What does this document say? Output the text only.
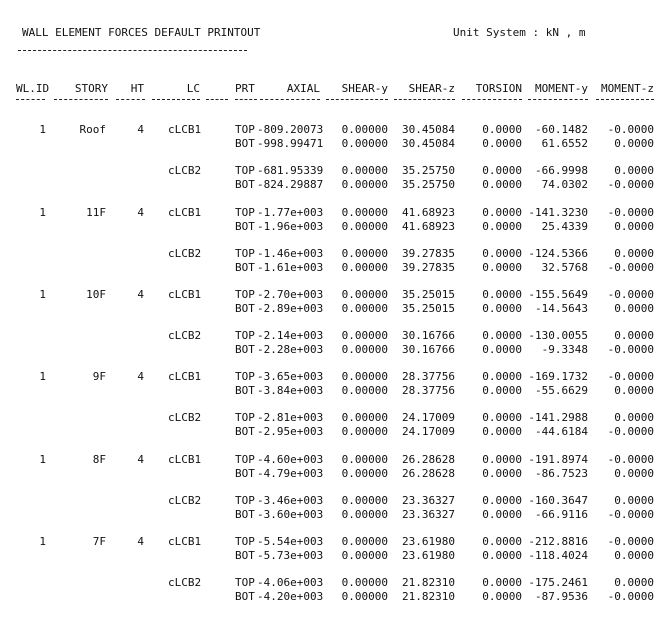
WALL ELEMENT FORCES DEFAULT PRINTOUT	Unit System : kN , m
WL.ID	STORY	HT	LC	PRT	AXIAL	SHEAR-y	SHEAR-z	TORSION	MOMENT-y	MOMENT-z
1	Roof	4 cLCB1	TOP -809.20073	0.00000	30.45084	0.0000	-60.1482	-0.0000
BOT -998.99471	0.00000	30.45084	0.0000	61.6552	0.0000
cLCB2	TOP -681.95339	0.00000	35.25750	0.0000	-66.9998	0.0000
BOT -824.29887	0.00000	35.25750	0.0000	74.0302	-0.0000
1	11F	4 cLCB1	TOP -1.77e+003	0.00000	41.68923	0.0000 -141.3230	-0.0000
BOT -1.96e+003	0.00000	41.68923	0.0000	25.4339	0.0000
cLCB2	TOP -1.46e+003	0.00000	39.27835	0.0000 -124.5366	0.0000
BOT -1.61e+003	0.00000	39.27835	0.0000	32.5768	-0.0000
1	10F	4 cLCB1	TOP -2.70e+003	0.00000	35.25015	0.0000 -155.5649	-0.0000
BOT -2.89e+003	0.00000	35.25015	0.0000	-14.5643	0.0000
cLCB2	TOP -2.14e+003	0.00000	30.16766	0.0000 -130.0055	0.0000
BOT -2.28e+003	0.00000	30.16766	0.0000	-9.3348	-0.0000
1	9F	4 cLCB1	TOP -3.65e+003	0.00000	28.37756	0.0000 -169.1732	-0.0000
BOT -3.84e+003	0.00000	28.37756	0.0000	-55.6629	0.0000
cLCB2	TOP -2.81e+003	0.00000	24.17009	0.0000 -141.2988	0.0000
BOT -2.95e+003	0.00000	24.17009	0.0000	-44.6184	-0.0000
1	8F	4 cLCB1	TOP -4.60e+003	0.00000	26.28628	0.0000 -191.8974	-0.0000
BOT -4.79e+003	0.00000	26.28628	0.0000	-86.7523	0.0000
cLCB2	TOP -3.46e+003	0.00000	23.36327	0.0000 -160.3647	0.0000
BOT -3.60e+003	0.00000	23.36327	0.0000	-66.9116	-0.0000
1	7F	4 cLCB1	TOP -5.54e+003	0.00000	23.61980	0.0000 -212.8816	-0.0000
BOT -5.73e+003	0.00000	23.61980	0.0000 -118.4024	0.0000
cLCB2	TOP -4.06e+003	0.00000	21.82310	0.0000 -175.2461	0.0000
BOT -4.20e+003	0.00000	21.82310	0.0000	-87.9536	-0.0000
